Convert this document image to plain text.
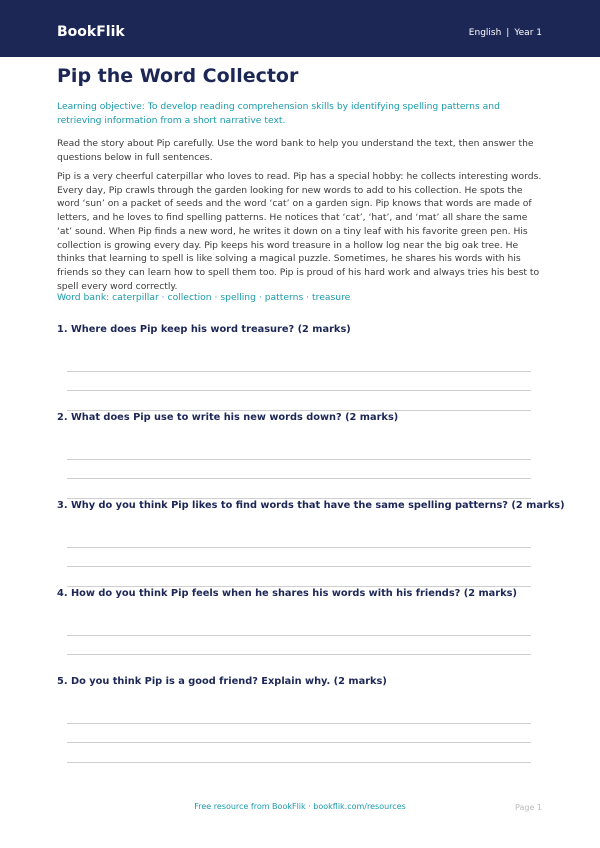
BookFlik	English | Year 1
Pip the Word Collector

Learning objective: To develop reading comprehension skills by identifying spelling patterns and retrieving information from a short narrative text.

Read the story about Pip carefully. Use the word bank to help you understand the text, then answer the questions below in full sentences.

Pip is a very cheerful caterpillar who loves to read. Pip has a special hobby: he collects interesting words. Every day, Pip crawls through the garden looking for new words to add to his collection. He spots the word ‘sun’ on a packet of seeds and the word ‘cat’ on a garden sign. Pip knows that words are made of letters, and he loves to find spelling patterns. He notices that ‘cat’, ‘hat’, and ‘mat’ all share the same ‘at’ sound. When Pip finds a new word, he writes it down on a tiny leaf with his favorite green pen. His collection is growing every day. Pip keeps his word treasure in a hollow log near the big oak tree. He thinks that learning to spell is like solving a magical puzzle. Sometimes, he shares his words with his friends so they can learn how to spell them too. Pip is proud of his hard work and always tries his best to spell every word correctly.

Word bank: caterpillar · collection · spelling · patterns · treasure

1. Where does Pip keep his word treasure? (2 marks)

2. What does Pip use to write his new words down? (2 marks)

3. Why do you think Pip likes to find words that have the same spelling patterns? (2 marks)

4. How do you think Pip feels when he shares his words with his friends? (2 marks)

5. Do you think Pip is a good friend? Explain why. (2 marks)

Free resource from BookFlik · bookflik.com/resources	Page 1
